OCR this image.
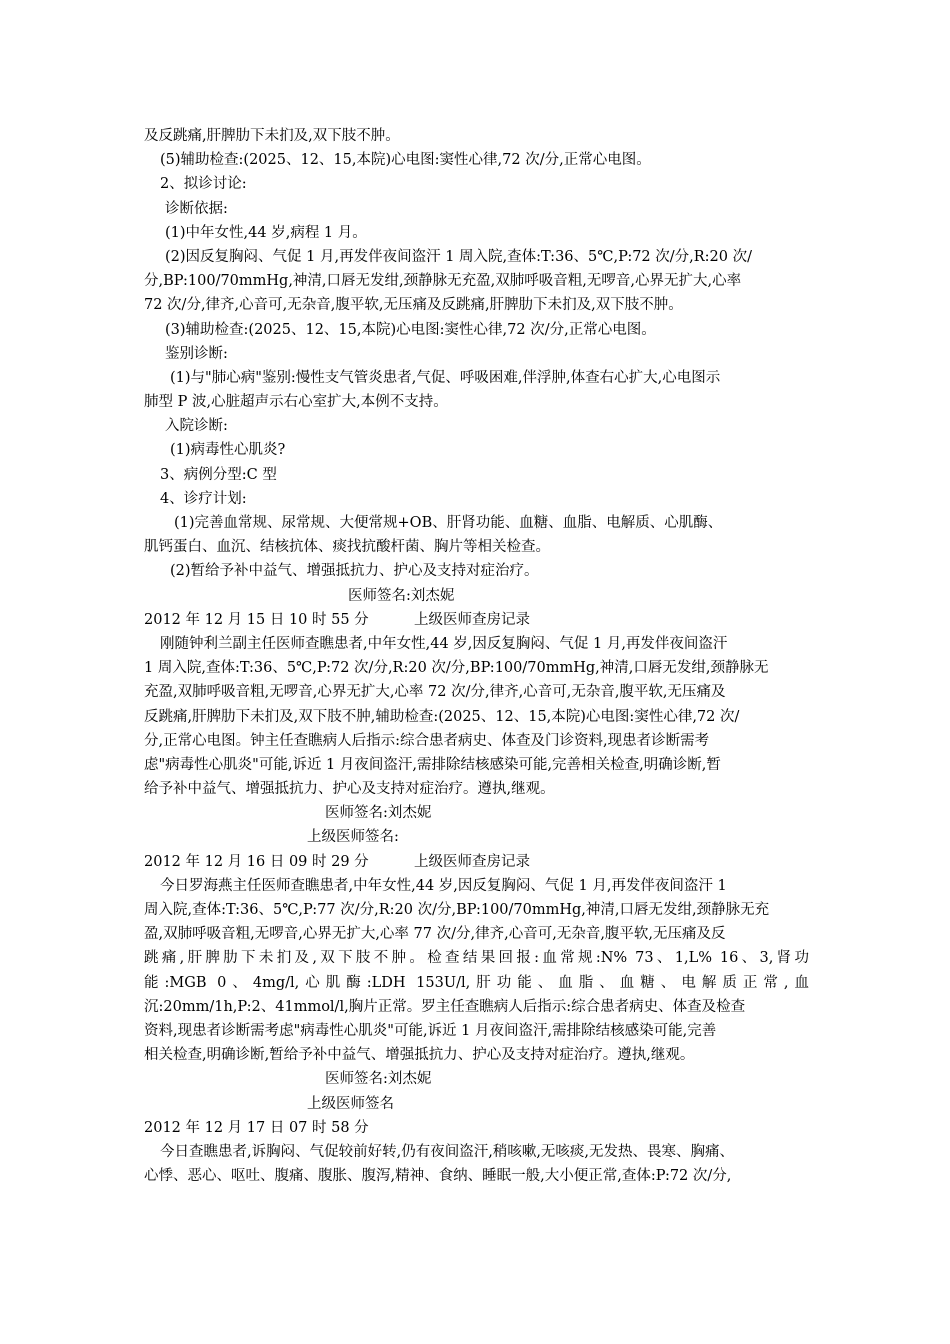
及反跳痛,肝脾肋下未扪及,双下肢不肿。
(5)辅助检查:(2025、12、15,本院)心电图:窦性心律,72 次/分,正常心电图。
2、拟诊讨论:
诊断依据:
(1)中年女性,44 岁,病程 1 月。
(2)因反复胸闷、气促 1 月,再发伴夜间盗汗 1 周入院,查体:T:36、5℃,P:72 次/分,R:20 次/
分,BP:100/70mmHg,神清,口唇无发绀,颈静脉无充盈,双肺呼吸音粗,无啰音,心界无扩大,心率
72 次/分,律齐,心音可,无杂音,腹平软,无压痛及反跳痛,肝脾肋下未扪及,双下肢不肿。
(3)辅助检查:(2025、12、15,本院)心电图:窦性心律,72 次/分,正常心电图。
鉴别诊断:
(1)与"肺心病"鉴别:慢性支气管炎患者,气促、呼吸困难,伴浮肿,体查右心扩大,心电图示
肺型 P 波,心脏超声示右心室扩大,本例不支持。
入院诊断:
(1)病毒性心肌炎?
3、病例分型:C 型
4、诊疗计划:
(1)完善血常规、尿常规、大便常规+OB、肝肾功能、血糖、血脂、电解质、心肌酶、
肌钙蛋白、血沉、结核抗体、痰找抗酸杆菌、胸片等相关检查。
(2)暂给予补中益气、增强抵抗力、护心及支持对症治疗。
医师签名:刘杰妮
2012 年 12 月 15 日 10 时 55 分	上级医师查房记录
刚随钟利兰副主任医师查瞧患者,中年女性,44 岁,因反复胸闷、气促 1 月,再发伴夜间盗汗
1 周入院,查体:T:36、5℃,P:72 次/分,R:20 次/分,BP:100/70mmHg,神清,口唇无发绀,颈静脉无
充盈,双肺呼吸音粗,无啰音,心界无扩大,心率 72 次/分,律齐,心音可,无杂音,腹平软,无压痛及
反跳痛,肝脾肋下未扪及,双下肢不肿,辅助检查:(2025、12、15,本院)心电图:窦性心律,72 次/
分,正常心电图。钟主任查瞧病人后指示:综合患者病史、体查及门诊资料,现患者诊断需考
虑"病毒性心肌炎"可能,诉近 1 月夜间盗汗,需排除结核感染可能,完善相关检查,明确诊断,暂
给予补中益气、增强抵抗力、护心及支持对症治疗。遵执,继观。
医师签名:刘杰妮
上级医师签名:
2012 年 12 月 16 日 09 时 29 分	上级医师查房记录
今日罗海燕主任医师查瞧患者,中年女性,44 岁,因反复胸闷、气促 1 月,再发伴夜间盗汗 1
周入院,查体:T:36、5℃,P:77 次/分,R:20 次/分,BP:100/70mmHg,神清,口唇无发绀,颈静脉无充
盈,双肺呼吸音粗,无啰音,心界无扩大,心率 77 次/分,律齐,心音可,无杂音,腹平软,无压痛及反
跳痛,肝脾肋下未扪及,双下肢不肿。检查结果回报:血常规:N% 73、1,L% 16、3,肾功
能:MGB 0、4mg/l,心肌酶:LDH 153U/l,肝功能、血脂、血糖、电解质正常,血
沉:20mm/1h,P:2、41mmol/l,胸片正常。罗主任查瞧病人后指示:综合患者病史、体查及检查
资料,现患者诊断需考虑"病毒性心肌炎"可能,诉近 1 月夜间盗汗,需排除结核感染可能,完善
相关检查,明确诊断,暂给予补中益气、增强抵抗力、护心及支持对症治疗。遵执,继观。
医师签名:刘杰妮
上级医师签名
2012 年 12 月 17 日 07 时 58 分
今日查瞧患者,诉胸闷、气促较前好转,仍有夜间盗汗,稍咳嗽,无咳痰,无发热、畏寒、胸痛、
心悸、恶心、呕吐、腹痛、腹胀、腹泻,精神、食纳、睡眠一般,大小便正常,查体:P:72 次/分,
